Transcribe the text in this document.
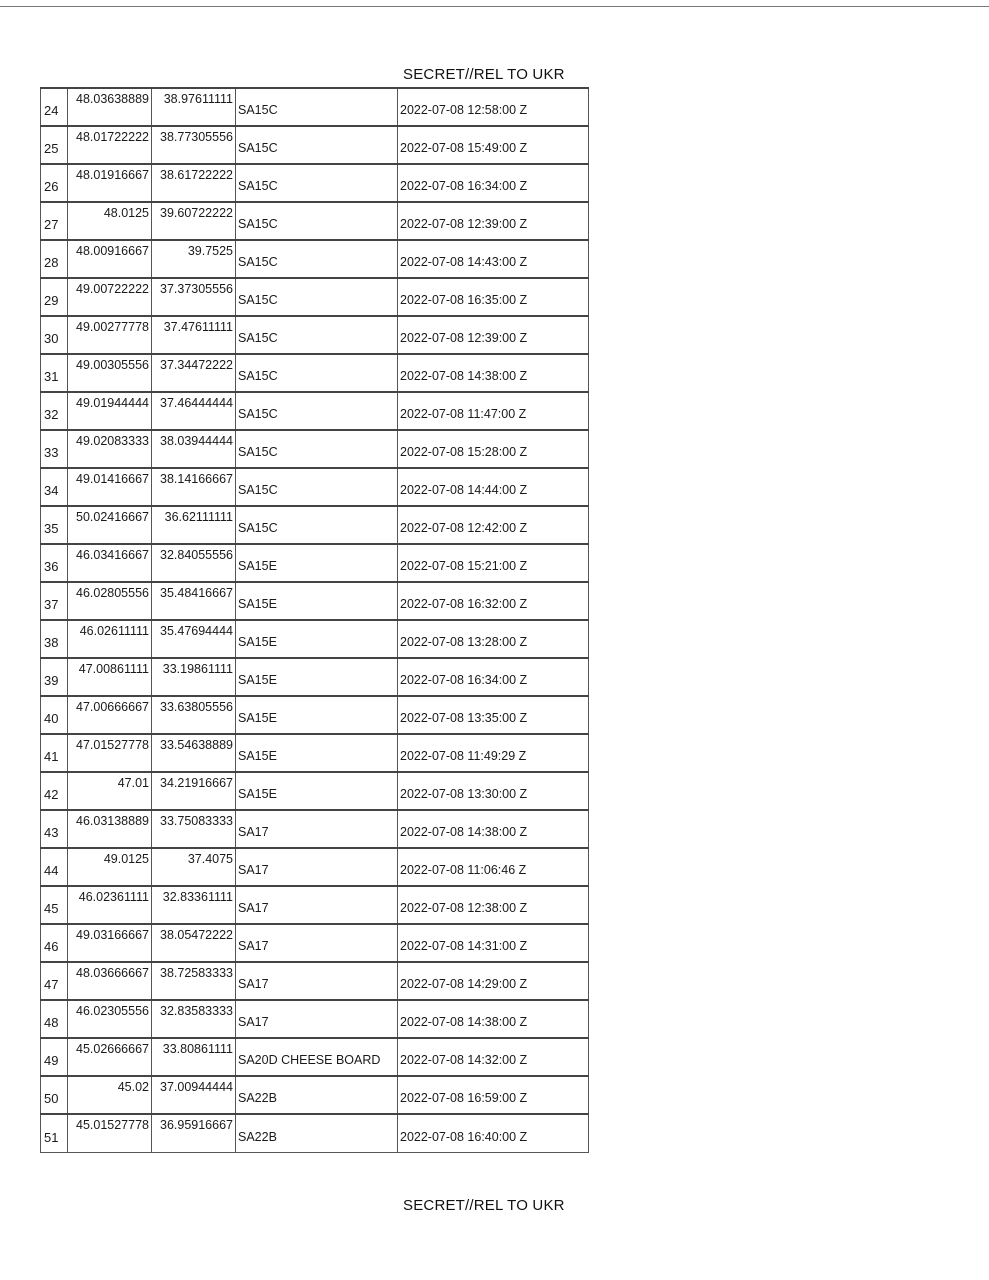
SECRET//REL TO UKR
24	48.03638889	38.97611111	SA15C	2022-07-08 12:58:00 Z
25	48.01722222	38.77305556	SA15C	2022-07-08 15:49:00 Z
26	48.01916667	38.61722222	SA15C	2022-07-08 16:34:00 Z
27	48.0125	39.60722222	SA15C	2022-07-08 12:39:00 Z
28	48.00916667	39.7525	SA15C	2022-07-08 14:43:00 Z
29	49.00722222	37.37305556	SA15C	2022-07-08 16:35:00 Z
30	49.00277778	37.47611111	SA15C	2022-07-08 12:39:00 Z
31	49.00305556	37.34472222	SA15C	2022-07-08 14:38:00 Z
32	49.01944444	37.46444444	SA15C	2022-07-08 11:47:00 Z
33	49.02083333	38.03944444	SA15C	2022-07-08 15:28:00 Z
34	49.01416667	38.14166667	SA15C	2022-07-08 14:44:00 Z
35	50.02416667	36.62111111	SA15C	2022-07-08 12:42:00 Z
36	46.03416667	32.84055556	SA15E	2022-07-08 15:21:00 Z
37	46.02805556	35.48416667	SA15E	2022-07-08 16:32:00 Z
38	46.02611111	35.47694444	SA15E	2022-07-08 13:28:00 Z
39	47.00861111	33.19861111	SA15E	2022-07-08 16:34:00 Z
40	47.00666667	33.63805556	SA15E	2022-07-08 13:35:00 Z
41	47.01527778	33.54638889	SA15E	2022-07-08 11:49:29 Z
42	47.01	34.21916667	SA15E	2022-07-08 13:30:00 Z
43	46.03138889	33.75083333	SA17	2022-07-08 14:38:00 Z
44	49.0125	37.4075	SA17	2022-07-08 11:06:46 Z
45	46.02361111	32.83361111	SA17	2022-07-08 12:38:00 Z
46	49.03166667	38.05472222	SA17	2022-07-08 14:31:00 Z
47	48.03666667	38.72583333	SA17	2022-07-08 14:29:00 Z
48	46.02305556	32.83583333	SA17	2022-07-08 14:38:00 Z
49	45.02666667	33.80861111	SA20D CHEESE BOARD	2022-07-08 14:32:00 Z
50	45.02	37.00944444	SA22B	2022-07-08 16:59:00 Z
51	45.01527778	36.95916667	SA22B	2022-07-08 16:40:00 Z
SECRET//REL TO UKR
